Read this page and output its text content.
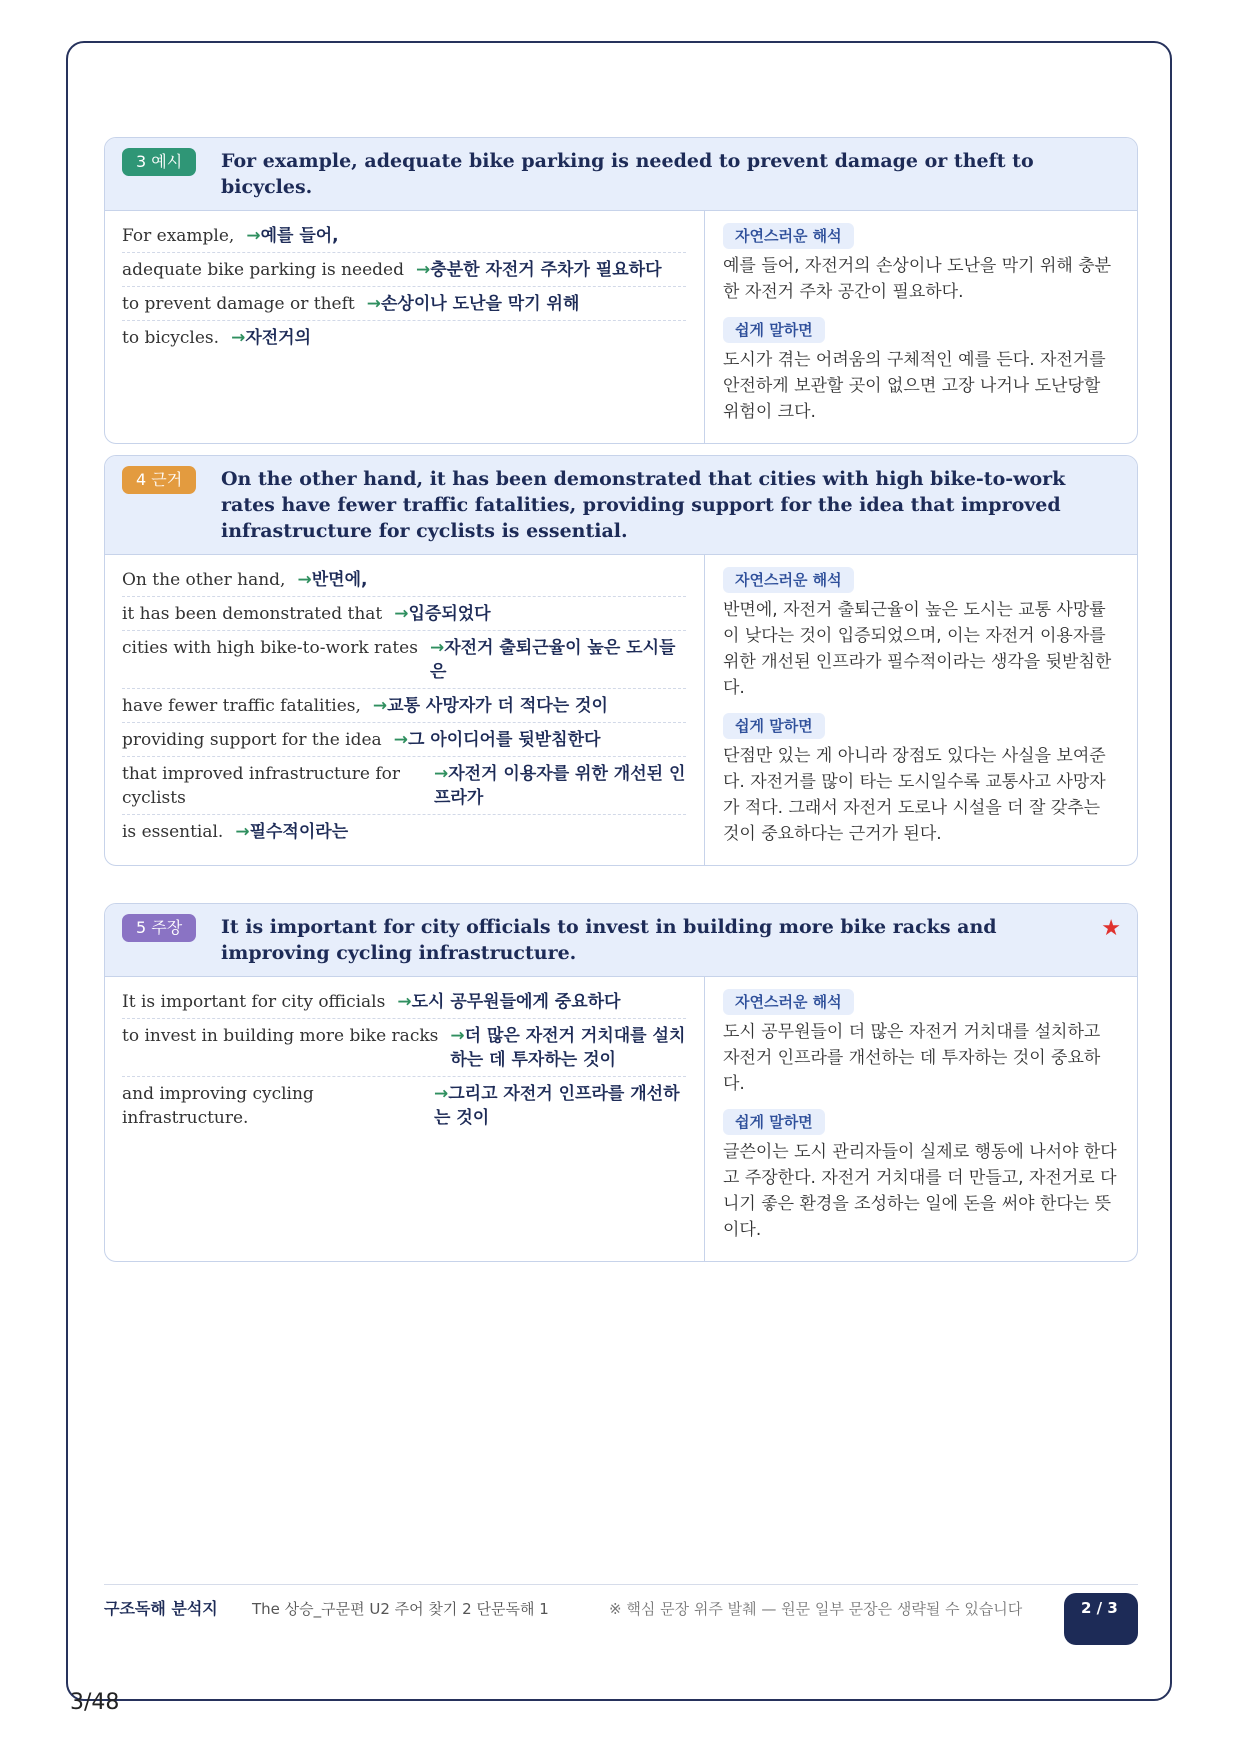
3 예시	For example, adequate bike parking is needed to prevent damage or theft to bicycles.
For example, →예를 들어,
adequate bike parking is needed →충분한 자전거 주차가 필요하다
to prevent damage or theft →손상이나 도난을 막기 위해
to bicycles. →자전거의
자연스러운 해석
예를 들어, 자전거의 손상이나 도난을 막기 위해 충분한 자전거 주차 공간이 필요하다.
쉽게 말하면
도시가 겪는 어려움의 구체적인 예를 든다. 자전거를 안전하게 보관할 곳이 없으면 고장 나거나 도난당할 위험이 크다.
4 근거	On the other hand, it has been demonstrated that cities with high bike-to-work rates have fewer traffic fatalities, providing support for the idea that improved infrastructure for cyclists is essential.
On the other hand, →반면에,
it has been demonstrated that →입증되었다
cities with high bike-to-work rates →자전거 출퇴근율이 높은 도시들은
have fewer traffic fatalities, →교통 사망자가 더 적다는 것이
providing support for the idea →그 아이디어를 뒷받침한다
that improved infrastructure for cyclists
→자전거 이용자를 위한 개선된 인프라가
is essential. →필수적이라는
자연스러운 해석
반면에, 자전거 출퇴근율이 높은 도시는 교통 사망률이 낮다는 것이 입증되었으며, 이는 자전거 이용자를 위한 개선된 인프라가 필수적이라는 생각을 뒷받침한다.
쉽게 말하면
단점만 있는 게 아니라 장점도 있다는 사실을 보여준다. 자전거를 많이 타는 도시일수록 교통사고 사망자가 적다. 그래서 자전거 도로나 시설을 더 잘 갖추는 것이 중요하다는 근거가 된다.
5 주장	It is important for city officials to invest in building more bike racks and improving cycling infrastructure.
★
It is important for city officials →도시 공무원들에게 중요하다
to invest in building more bike racks →더 많은 자전거 거치대를 설치하는 데 투자하는 것이
and improving cycling infrastructure.
→그리고 자전거 인프라를 개선하는 것이
자연스러운 해석
도시 공무원들이 더 많은 자전거 거치대를 설치하고 자전거 인프라를 개선하는 데 투자하는 것이 중요하다.
쉽게 말하면
글쓴이는 도시 관리자들이 실제로 행동에 나서야 한다고 주장한다. 자전거 거치대를 더 만들고, 자전거로 다니기 좋은 환경을 조성하는 일에 돈을 써야 한다는 뜻이다.
구조독해 분석지	The 상승_구문편 U2 주어 찾기 2 단문독해 1	※ 핵심 문장 위주 발췌 — 원문 일부 문장은 생략될 수 있습니다	2 / 3
3/48
